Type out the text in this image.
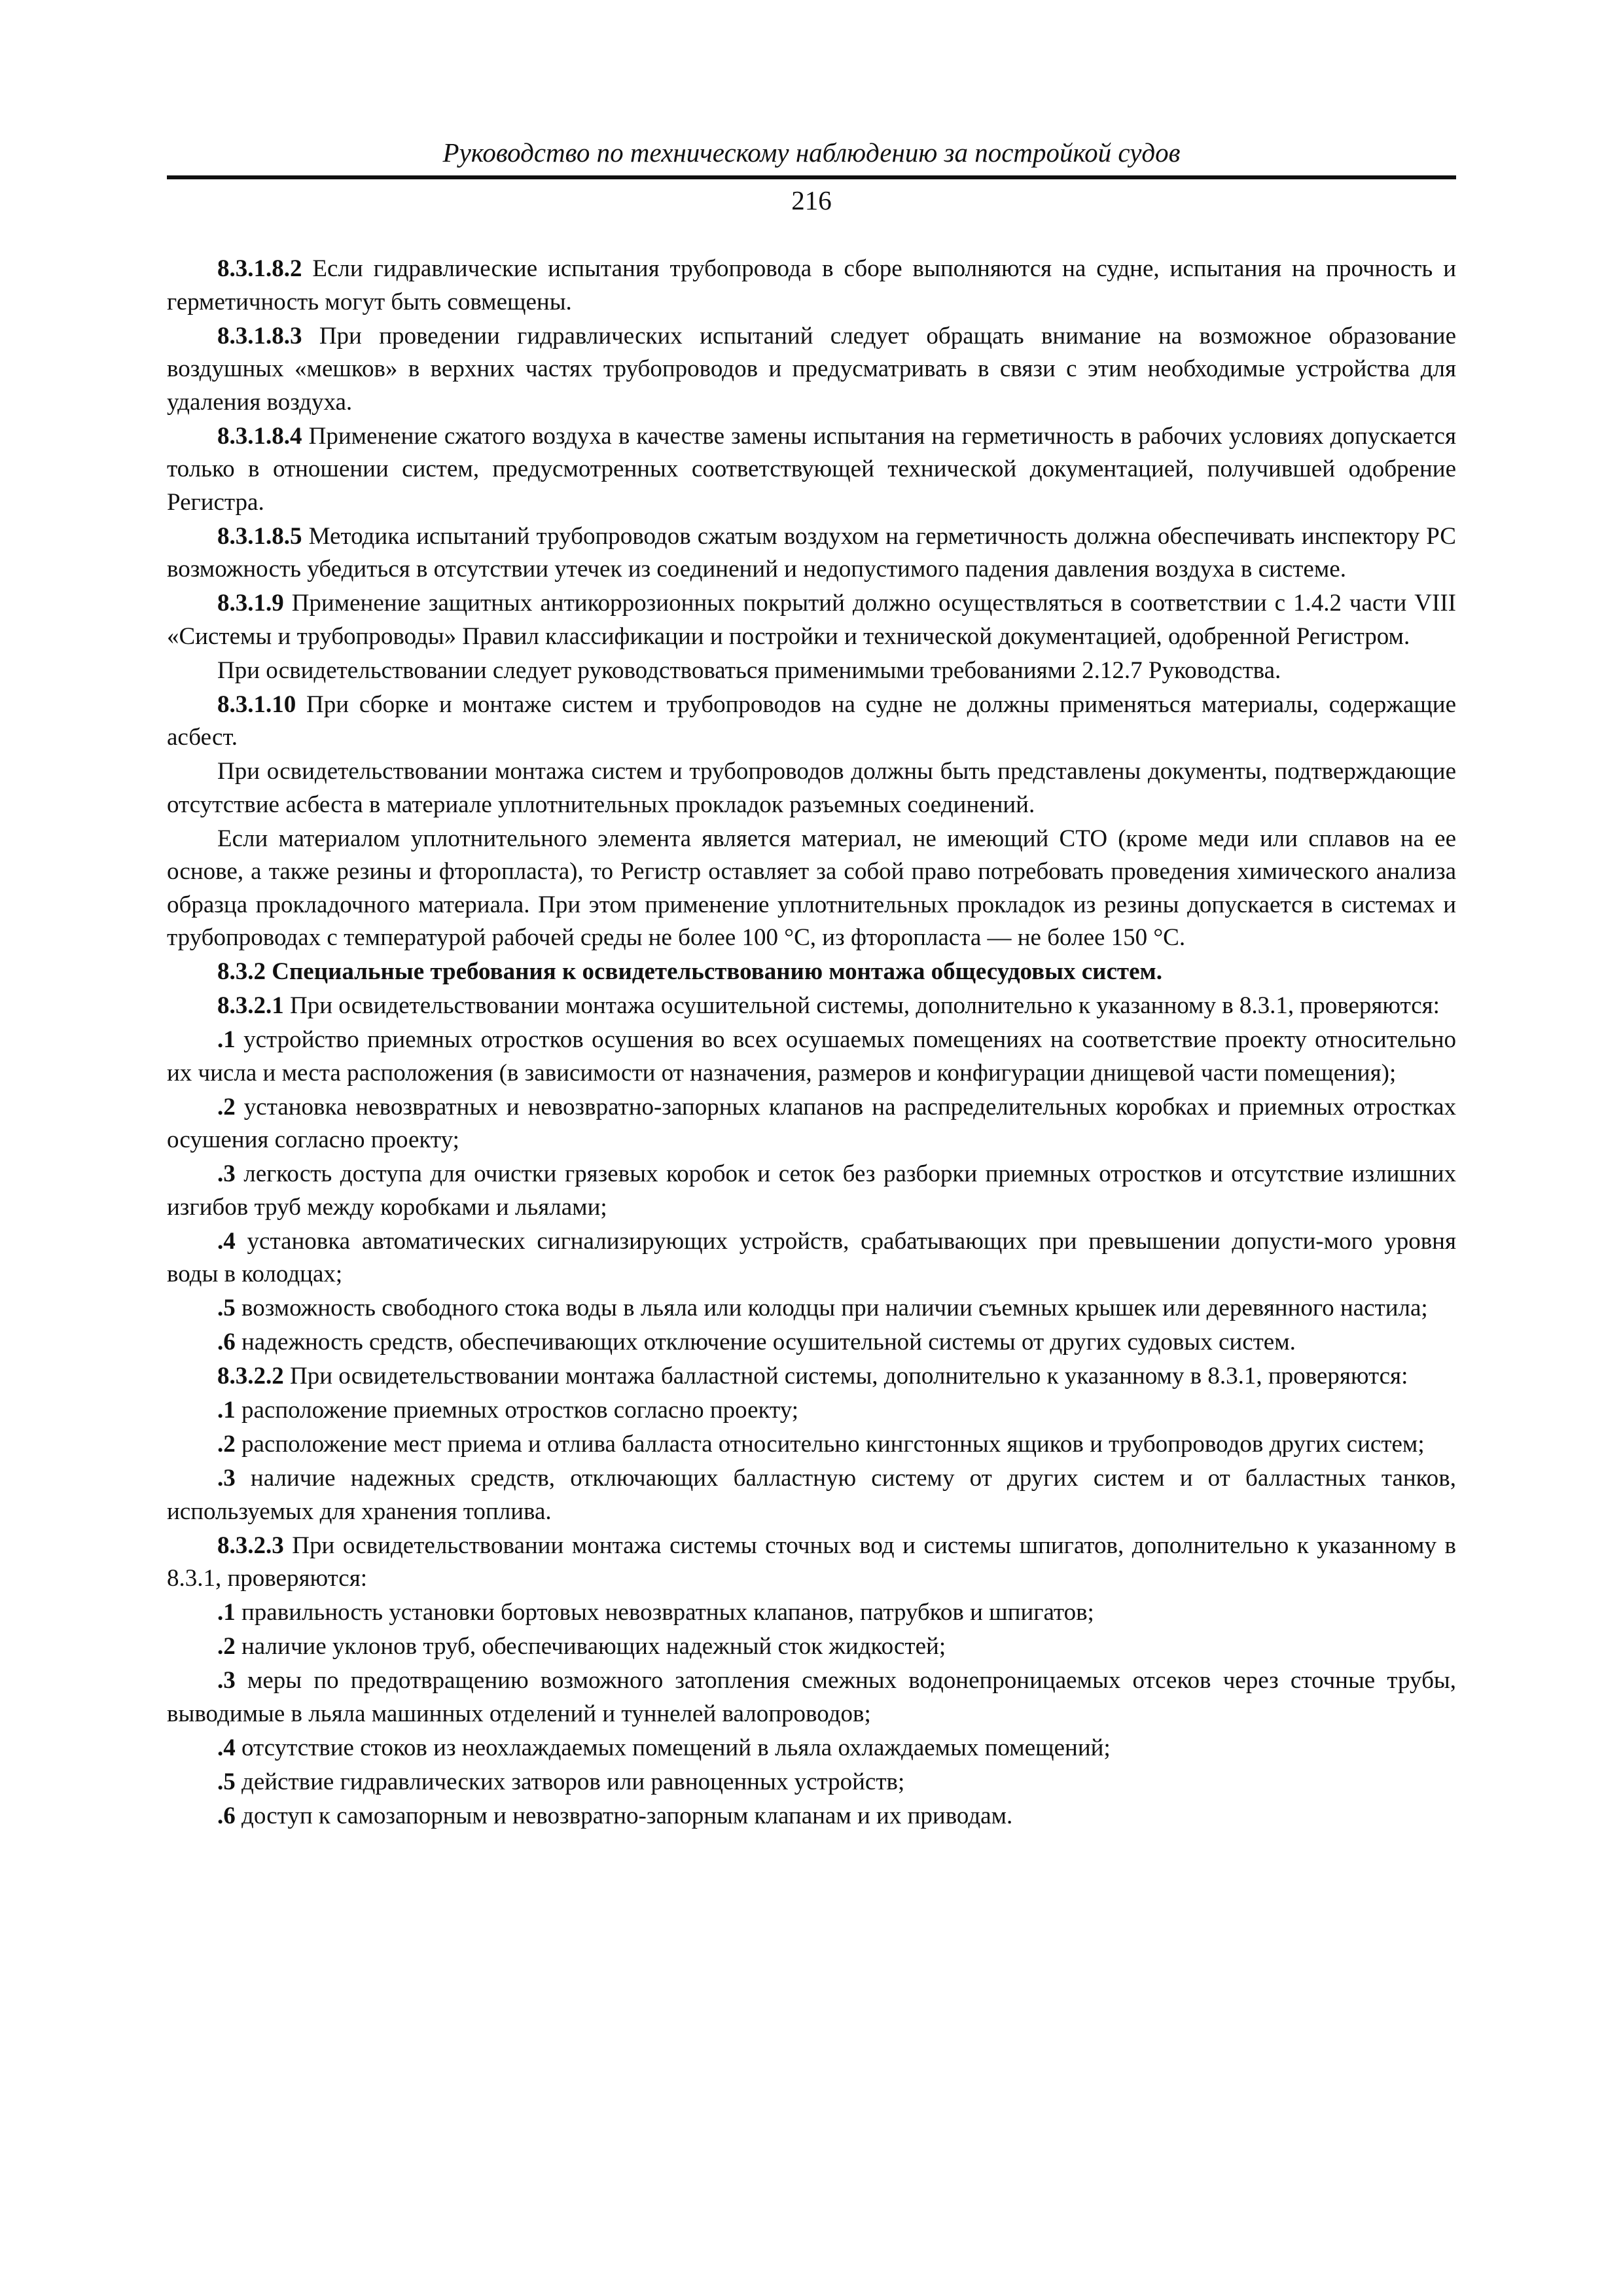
Руководство по техническому наблюдению за постройкой судов
216

8.3.1.8.2 Если гидравлические испытания трубопровода в сборе выполняются на судне, испытания на прочность и герметичность могут быть совмещены.

8.3.1.8.3 При проведении гидравлических испытаний следует обращать внимание на возможное образование воздушных «мешков» в верхних частях трубопроводов и предусматривать в связи с этим необходимые устройства для удаления воздуха.

8.3.1.8.4 Применение сжатого воздуха в качестве замены испытания на герметичность в рабочих условиях допускается только в отношении систем, предусмотренных соответствующей технической документацией, получившей одобрение Регистра.

8.3.1.8.5 Методика испытаний трубопроводов сжатым воздухом на герметичность должна обеспечивать инспектору РС возможность убедиться в отсутствии утечек из соединений и недопустимого падения давления воздуха в системе.

8.3.1.9 Применение защитных антикоррозионных покрытий должно осуществляться в соответствии с 1.4.2 части VIII «Системы и трубопроводы» Правил классификации и постройки и технической документацией, одобренной Регистром.

При освидетельствовании следует руководствоваться применимыми требованиями 2.12.7 Руководства.

8.3.1.10 При сборке и монтаже систем и трубопроводов на судне не должны применяться материалы, содержащие асбест.

При освидетельствовании монтажа систем и трубопроводов должны быть представлены документы, подтверждающие отсутствие асбеста в материале уплотнительных прокладок разъемных соединений.

Если материалом уплотнительного элемента является материал, не имеющий СТО (кроме меди или сплавов на ее основе, а также резины и фторопласта), то Регистр оставляет за собой право потребовать проведения химического анализа образца прокладочного материала. При этом применение уплотнительных прокладок из резины допускается в системах и трубопроводах с температурой рабочей среды не более 100 °С, из фторопласта — не более 150 °С.

8.3.2 Специальные требования к освидетельствованию монтажа общесудовых систем.

8.3.2.1 При освидетельствовании монтажа осушительной системы, дополнительно к указанному в 8.3.1, проверяются:

.1 устройство приемных отростков осушения во всех осушаемых помещениях на соответствие проекту относительно их числа и места расположения (в зависимости от назначения, размеров и конфигурации днищевой части помещения);

.2 установка невозвратных и невозвратно-запорных клапанов на распределительных коробках и приемных отростках осушения согласно проекту;

.3 легкость доступа для очистки грязевых коробок и сеток без разборки приемных отростков и отсутствие излишних изгибов труб между коробками и льялами;

.4 установка автоматических сигнализирующих устройств, срабатывающих при превышении допусти-мого уровня воды в колодцах;

.5 возможность свободного стока воды в льяла или колодцы при наличии съемных крышек или деревянного настила;

.6 надежность средств, обеспечивающих отключение осушительной системы от других судовых систем.

8.3.2.2 При освидетельствовании монтажа балластной системы, дополнительно к указанному в 8.3.1, проверяются:

.1 расположение приемных отростков согласно проекту;

.2 расположение мест приема и отлива балласта относительно кингстонных ящиков и трубопроводов других систем;

.3 наличие надежных средств, отключающих балластную систему от других систем и от балластных танков, используемых для хранения топлива.

8.3.2.3 При освидетельствовании монтажа системы сточных вод и системы шпигатов, дополнительно к указанному в 8.3.1, проверяются:

.1 правильность установки бортовых невозвратных клапанов, патрубков и шпигатов;

.2 наличие уклонов труб, обеспечивающих надежный сток жидкостей;

.3 меры по предотвращению возможного затопления смежных водонепроницаемых отсеков через сточные трубы, выводимые в льяла машинных отделений и туннелей валопроводов;

.4 отсутствие стоков из неохлаждаемых помещений в льяла охлаждаемых помещений;

.5 действие гидравлических затворов или равноценных устройств;

.6 доступ к самозапорным и невозвратно-запорным клапанам и их приводам.
